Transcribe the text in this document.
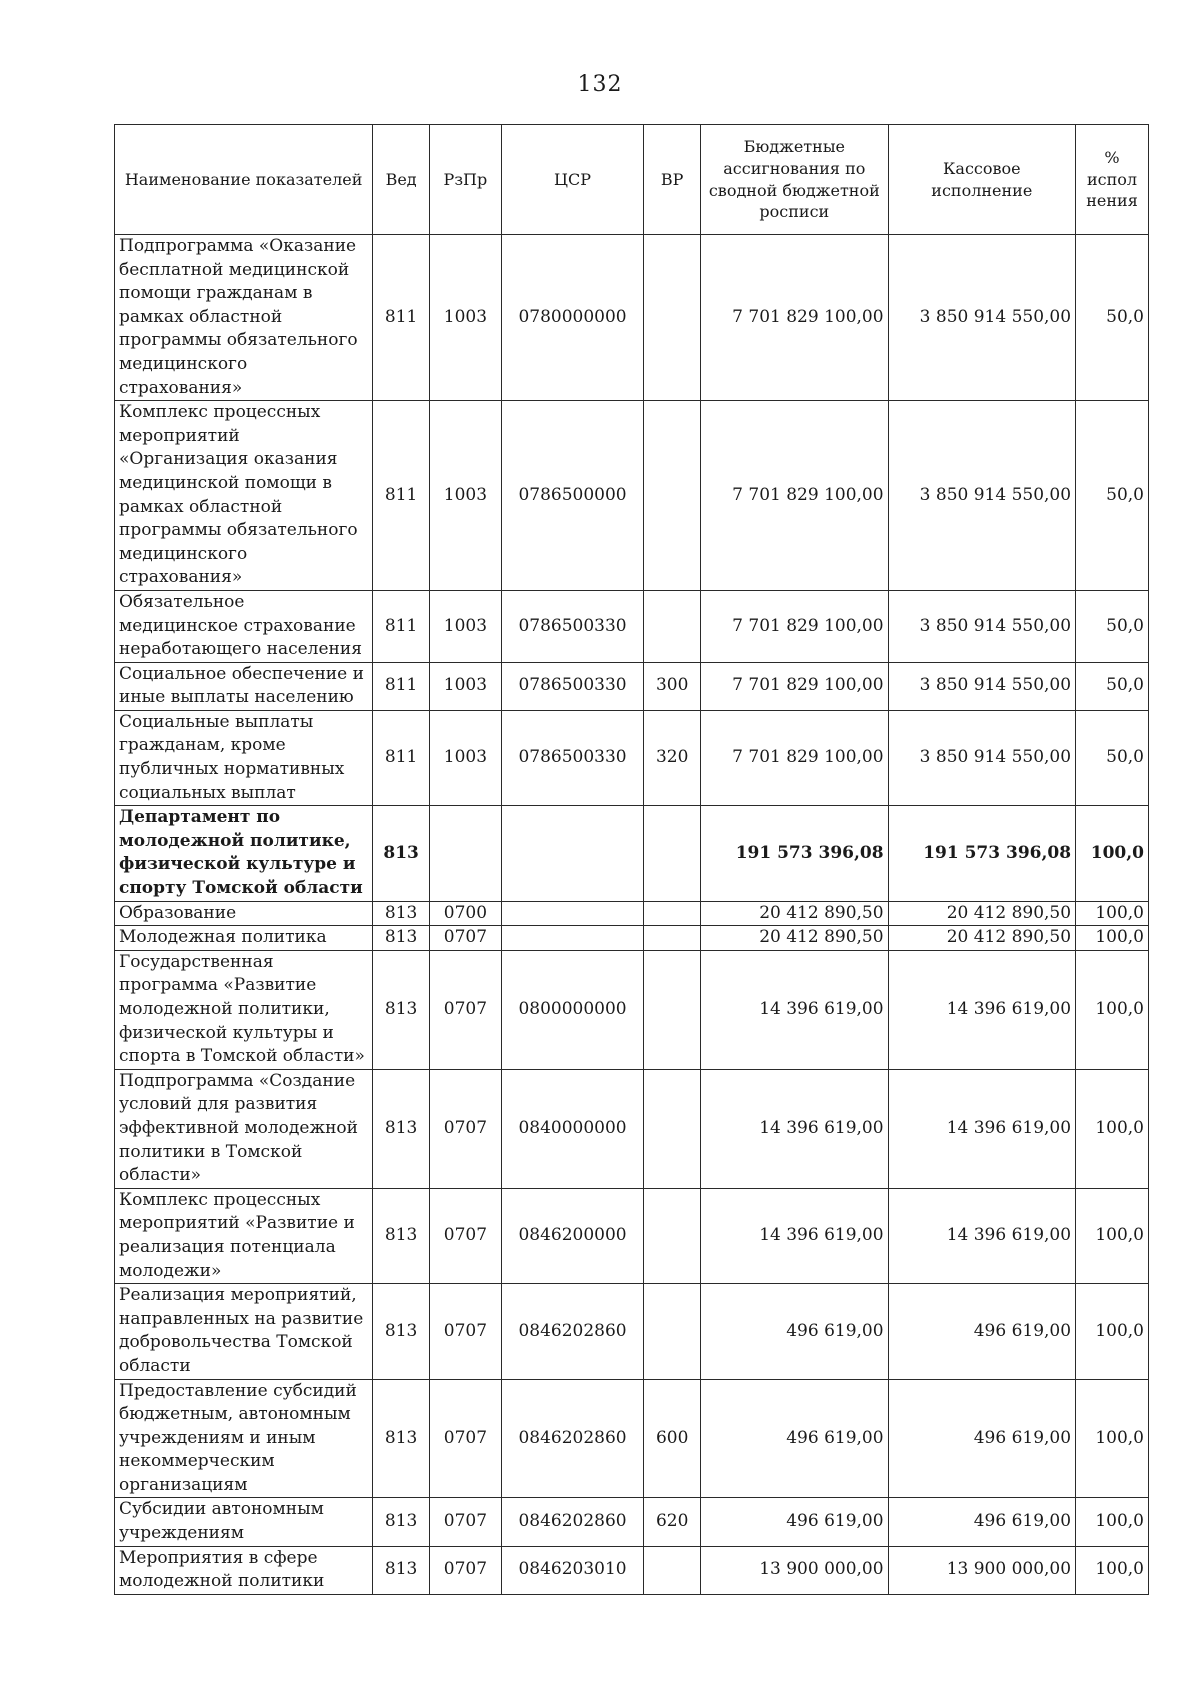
132
Наименование показателей	Вед	РзПр	ЦСР	ВР	Бюджетные ассигнования по сводной бюджетной росписи	Кассовое исполнение	% испол нения
Подпрограмма «Оказание бесплатной медицинской помощи гражданам в рамках областной программы обязательного медицинского страхования»	811	1003	0780000000		7 701 829 100,00	3 850 914 550,00	50,0
Комплекс процессных мероприятий «Организация оказания медицинской помощи в рамках областной программы обязательного медицинского страхования»	811	1003	0786500000		7 701 829 100,00	3 850 914 550,00	50,0
Обязательное медицинское страхование неработающего населения	811	1003	0786500330		7 701 829 100,00	3 850 914 550,00	50,0
Социальное обеспечение и иные выплаты населению	811	1003	0786500330	300	7 701 829 100,00	3 850 914 550,00	50,0
Социальные выплаты гражданам, кроме публичных нормативных социальных выплат	811	1003	0786500330	320	7 701 829 100,00	3 850 914 550,00	50,0
Департамент по молодежной политике, физической культуре и спорту Томской области	813				191 573 396,08	191 573 396,08	100,0
Образование	813	0700			20 412 890,50	20 412 890,50	100,0
Молодежная политика	813	0707			20 412 890,50	20 412 890,50	100,0
Государственная программа «Развитие молодежной политики, физической культуры и спорта в Томской области»	813	0707	0800000000		14 396 619,00	14 396 619,00	100,0
Подпрограмма «Создание условий для развития эффективной молодежной политики в Томской области»	813	0707	0840000000		14 396 619,00	14 396 619,00	100,0
Комплекс процессных мероприятий «Развитие и реализация потенциала молодежи»	813	0707	0846200000		14 396 619,00	14 396 619,00	100,0
Реализация мероприятий, направленных на развитие добровольчества Томской области	813	0707	0846202860		496 619,00	496 619,00	100,0
Предоставление субсидий бюджетным, автономным учреждениям и иным некоммерческим организациям	813	0707	0846202860	600	496 619,00	496 619,00	100,0
Субсидии автономным учреждениям	813	0707	0846202860	620	496 619,00	496 619,00	100,0
Мероприятия в сфере молодежной политики	813	0707	0846203010		13 900 000,00	13 900 000,00	100,0
